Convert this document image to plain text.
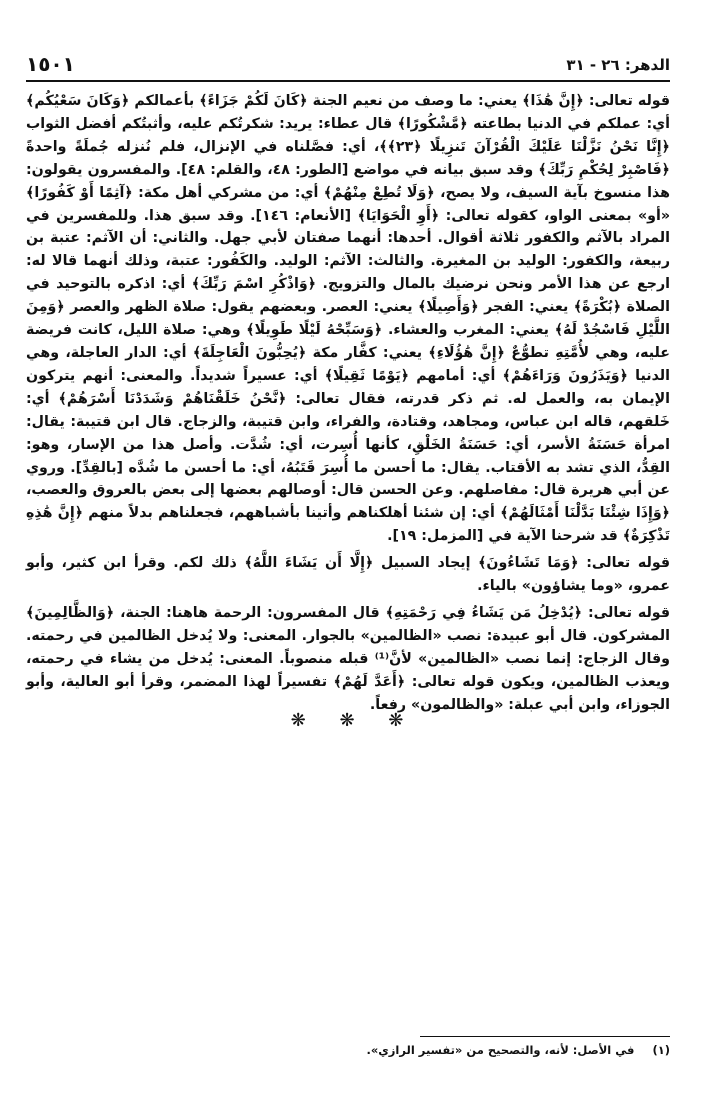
الدهر: ٢٦ - ٣١
١٥٠١

قوله تعالى: ﴿إِنَّ هَٰذَا﴾ يعني: ما وصف من نعيم الجنة ﴿كَانَ لَكُمْ جَزَاءً﴾ بأعمالكم ﴿وَكَانَ سَعْيُكُم﴾ أي: عملكم في الدنيا بطاعته ﴿مَّشْكُورًا﴾ قال عطاء: يريد: شكرتُكم عليه، وأثبتُكم أفضل الثواب ﴿إِنَّا نَحْنُ نَزَّلْنَا عَلَيْكَ الْقُرْآنَ تَنزِيلًا ﴿٢٣﴾﴾، أي: فصَّلناه في الإنزال، فلم نُنزله جُملَةً واحدةً ﴿فَاصْبِرْ لِحُكْمِ رَبِّكَ﴾ وقد سبق بيانه في مواضع [الطور: ٤٨، والقلم: ٤٨]. والمفسرون يقولون: هذا منسوخ بآية السيف، ولا يصح، ﴿وَلَا تُطِعْ مِنْهُمْ﴾ أي: من مشركي أهل مكة: ﴿آثِمًا أَوْ كَفُورًا﴾ «أو» بمعنى الواو، كقوله تعالى: ﴿أَوِ الْحَوَايَا﴾ [الأنعام: ١٤٦]. وقد سبق هذا. وللمفسرين في المراد بالآثم والكفور ثلاثة أقوال. أحدها: أنهما صفتان لأبي جهل. والثاني: أن الآثم: عتبة بن ربيعة، والكفور: الوليد بن المغيرة. والثالث: الآثم: الوليد. والكَفُور: عتبة، وذلك أنهما قالا له: ارجع عن هذا الأمر ونحن نرضيك بالمال والتزويج. ﴿وَاذْكُرِ اسْمَ رَبِّكَ﴾ أي: اذكره بالتوحيد في الصلاة ﴿بُكْرَةً﴾ يعني: الفجر ﴿وَأَصِيلًا﴾ يعني: العصر. وبعضهم يقول: صلاة الظهر والعصر ﴿وَمِنَ اللَّيْلِ فَاسْجُدْ لَهُ﴾ يعني: المغرب والعشاء. ﴿وَسَبِّحْهُ لَيْلًا طَوِيلًا﴾ وهي: صلاة الليل، كانت فريضة عليه، وهي لأُمَّتِهِ تطوُّعٌ ﴿إِنَّ هَٰؤُلَاءِ﴾ يعني: كفَّار مكة ﴿يُحِبُّونَ الْعَاجِلَةَ﴾ أي: الدار العاجلة، وهي الدنيا ﴿وَيَذَرُونَ وَرَاءَهُمْ﴾ أي: أمامهم ﴿يَوْمًا ثَقِيلًا﴾ أي: عسيراً شديداً. والمعنى: أنهم يتركون الإيمان به، والعمل له. ثم ذكر قدرته، فقال تعالى: ﴿نَّحْنُ خَلَقْنَاهُمْ وَشَدَدْنَا أَسْرَهُمْ﴾ أي: خَلقهم، قاله ابن عباس، ومجاهد، وقتادة، والفراء، وابن قتيبة، والزجاج. قال ابن قتيبة: يقال: امرأة حَسَنَةُ الأسر، أي: حَسَنَةُ الخَلْقِ، كأنها أُسِرت، أي: شُدَّت. وأصل هذا من الإسار، وهو: القِدُّ، الذي تشد به الأقتاب. يقال: ما أحسن ما أُسِرَ قَتَبُهُ، أي: ما أحسن ما شُدَّه [بالقِدِّ]. وروي عن أبي هريرة قال: مفاصلهم. وعن الحسن قال: أوصالهم بعضها إلى بعض بالعروق والعصب، ﴿وَإِذَا شِئْنَا بَدَّلْنَا أَمْثَالَهُمْ﴾ أي: إن شئنا أهلكناهم وأتينا بأشباههم، فجعلناهم بدلاً منهم ﴿إِنَّ هَٰذِهِ تَذْكِرَةٌ﴾ قد شرحنا الآية في [المزمل: ١٩].

قوله تعالى: ﴿وَمَا تَشَاءُونَ﴾ إيجاد السبيل ﴿إِلَّا أَن يَشَاءَ اللَّهُ﴾ ذلك لكم. وقرأ ابن كثير، وأبو عمرو، «وما يشاؤون» بالياء.

قوله تعالى: ﴿يُدْخِلُ مَن يَشَاءُ فِي رَحْمَتِهِ﴾ قال المفسرون: الرحمة هاهنا: الجنة، ﴿وَالظَّالِمِينَ﴾ المشركون. قال أبو عبيدة: نصب «الظالمين» بالجوار. المعنى: ولا يُدخل الظالمين في رحمته. وقال الزجاج: إنما نصب «الظالمين» لأنَّ⁽¹⁾ قبله منصوباً. المعنى: يُدخل من يشاء في رحمته، ويعذب الظالمين، ويكون قوله تعالى: ﴿أَعَدَّ لَهُمْ﴾ تفسيراً لهذا المضمر، وقرأ أبو العالية، وأبو الجوزاء، وابن أبي عبلة: «والظالمون» رفعاً.

❋ ❋ ❋
(١)في الأصل: لأنه، والتصحيح من «تفسير الرازي».
